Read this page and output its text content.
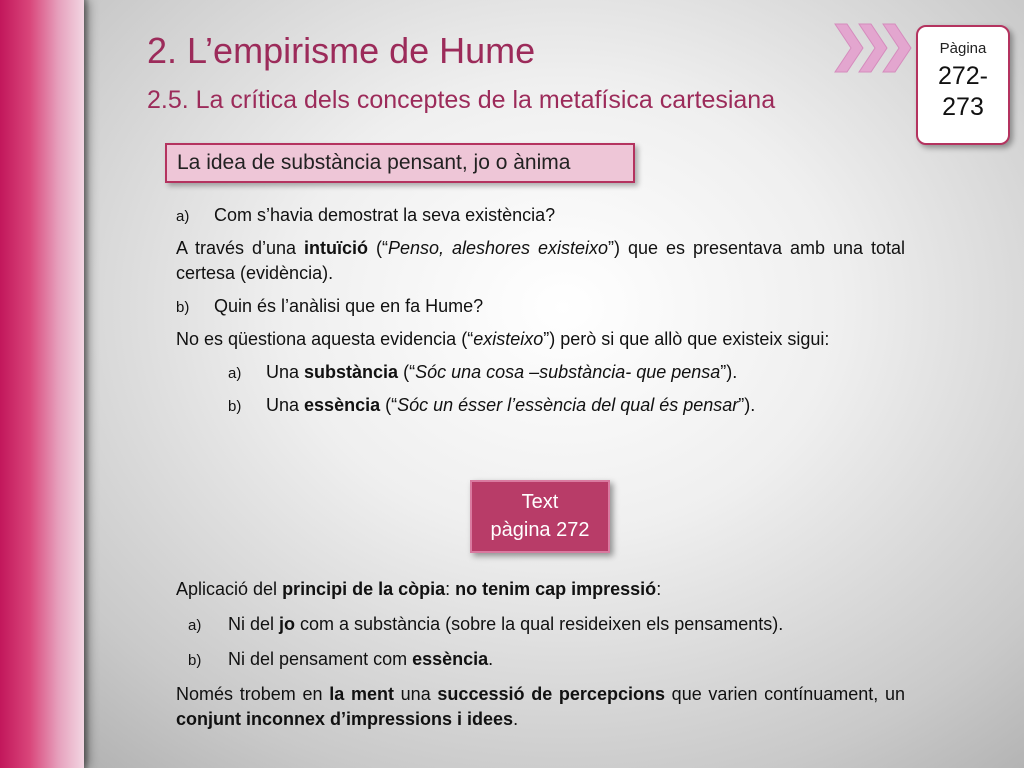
2. L’empirisme de Hume
2.5. La crítica dels conceptes de la metafísica cartesiana
Pàgina
272-
273
La idea de substància pensant, jo o ànima

a) Com s’havia demostrat la seva existència?

A través d’una intuïció (“Penso, aleshores existeixo”) que es presentava amb una total certesa (evidència).

b) Quin és l’anàlisi que en fa Hume?

No es qüestiona aquesta evidencia (“existeixo”) però si que allò que existeix sigui:

a) Una substància (“Sóc una cosa –substància- que pensa”).

b) Una essència (“Sóc un ésser l’essència del qual és pensar”).

Text
pàgina 272

Aplicació del principi de la còpia: no tenim cap impressió:

a) Ni del jo com a substància (sobre la qual resideixen els pensaments).

b) Ni del pensament com essència.

Només trobem en la ment una successió de percepcions que varien contínuament, un conjunt inconnex d’impressions i idees.
